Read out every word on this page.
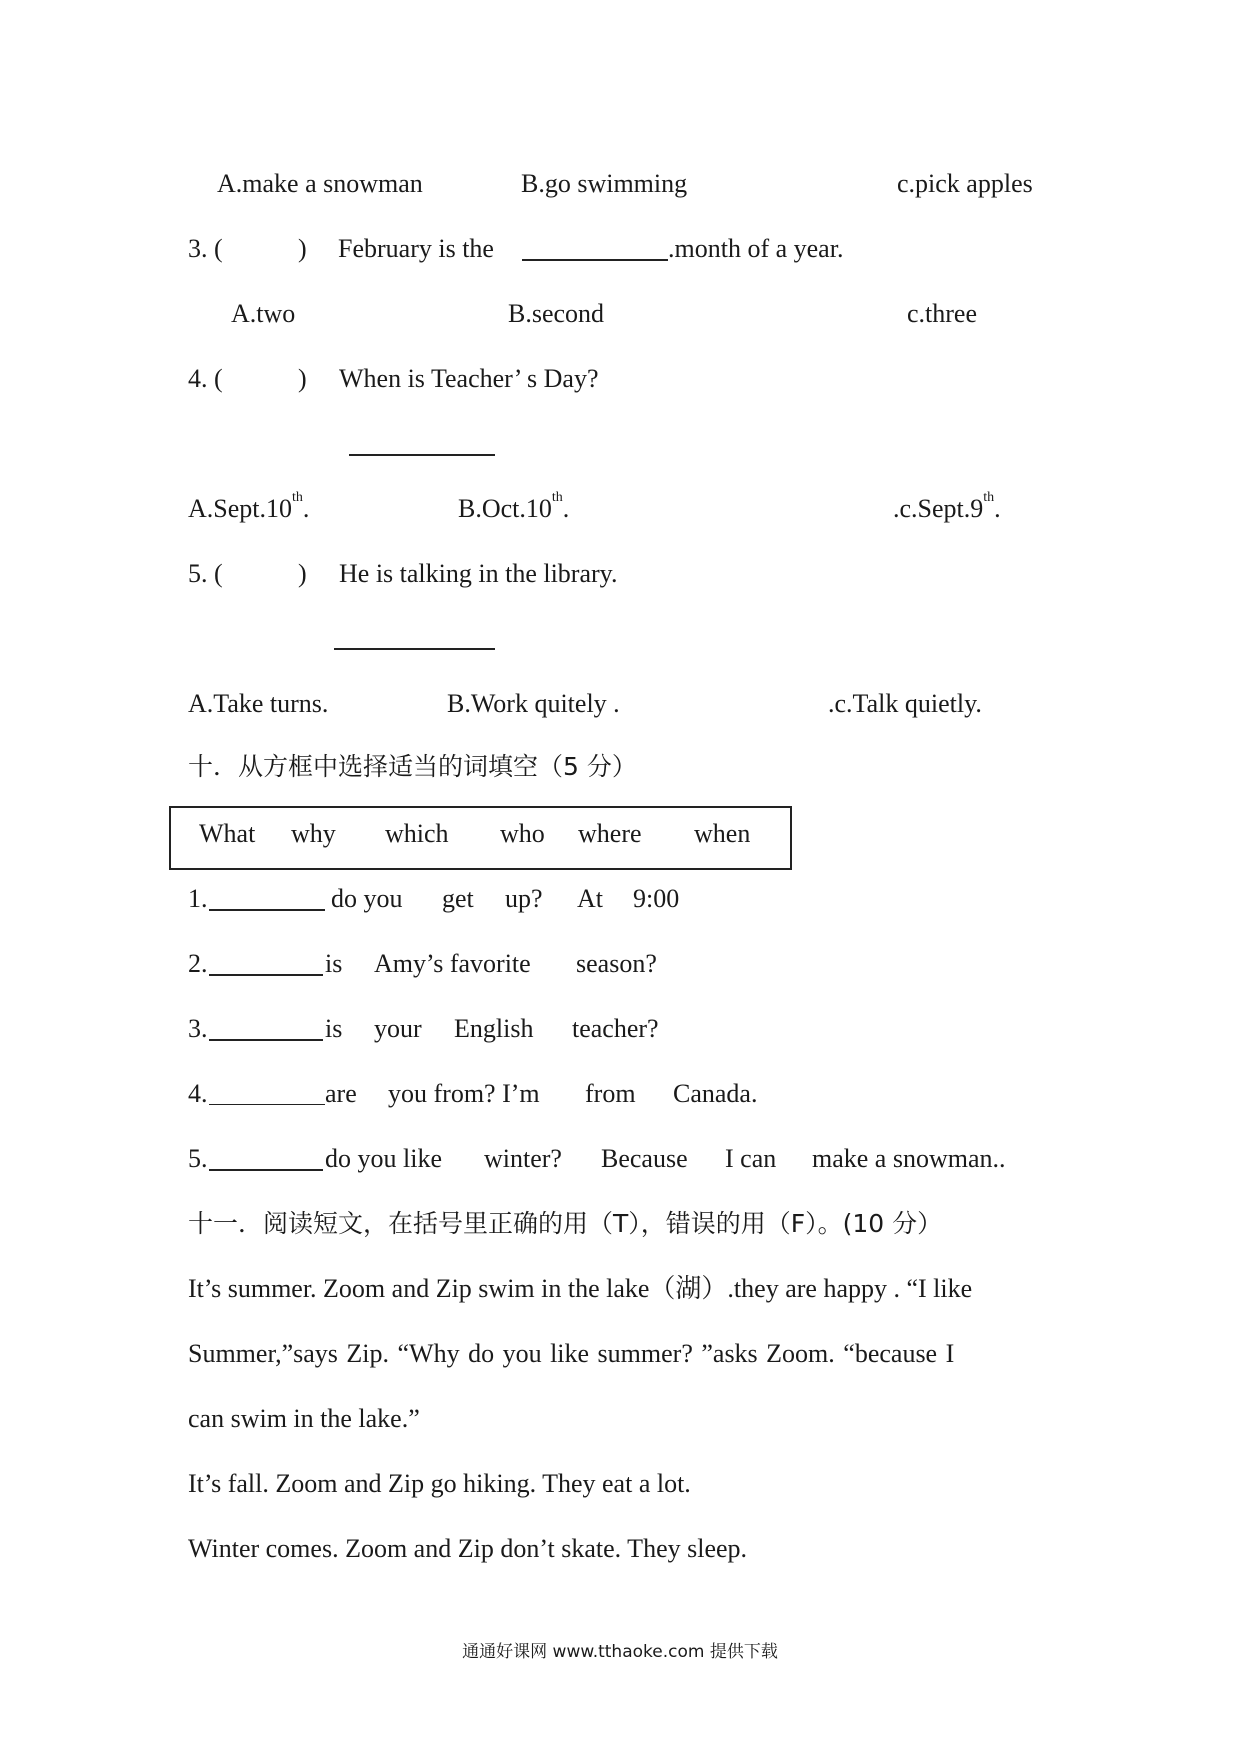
A.make a snowman	B.go swimming	c.pick apples
3. (	) February is the	.month of a year.
A.two	B.second	c.three
4. (	) When is Teacher’ s Day?
A.Sept.10th.	B.Oct.10th.	.c.Sept.9th.
5. (	) He is talking in the library.
A.Take turns.	B.Work quitely .	.c.Talk quietly.
十．从方框中选择适当的词填空（5 分）
What why which who where when
1.	do you get up? At 9:00
2.	is Amy’s favorite season?
3.	is your English teacher?
4.	are you from? I’m from Canada.
5.	do you like winter? Because I can make a snowman..
十一．阅读短文，在括号里正确的用（T），错误的用（F）。(10 分）
It’s summer. Zoom and Zip swim in the lake（湖）.they are happy . “I like
Summer,”says Zip. “Why do you like summer? ”asks Zoom. “because I
can swim in the lake.”
It’s fall. Zoom and Zip go hiking. They eat a lot.
Winter comes. Zoom and Zip don’t skate. They sleep.
通通好课网 www.tthaoke.com 提供下载
